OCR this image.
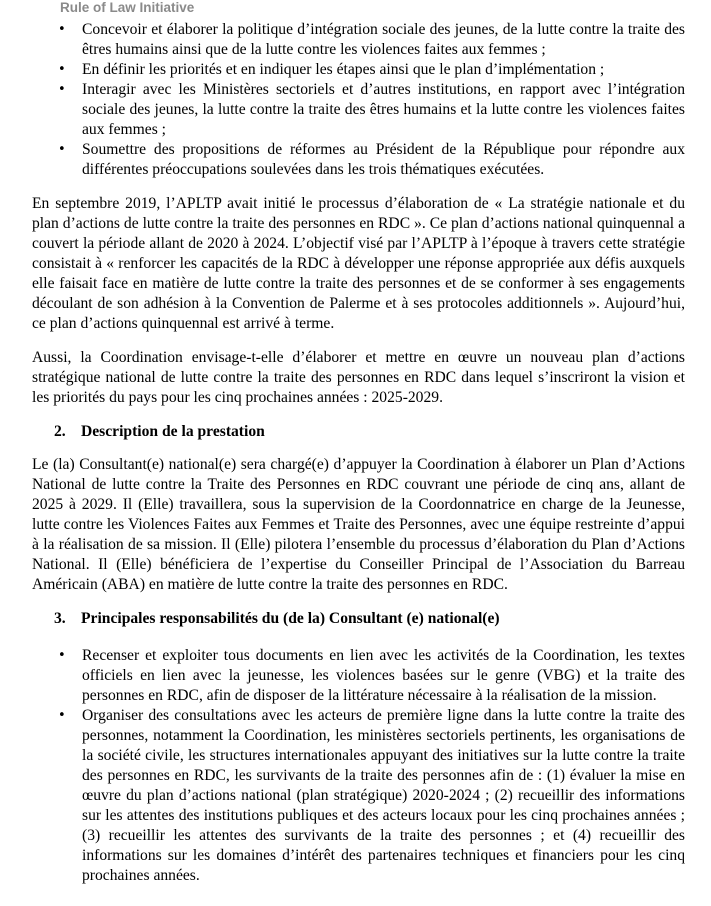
Rule of Law Initiative
• Concevoir et élaborer la politique d’intégration sociale des jeunes, de la lutte contre la traite des êtres humains ainsi que de la lutte contre les violences faites aux femmes ;
• En définir les priorités et en indiquer les étapes ainsi que le plan d’implémentation ;
• Interagir avec les Ministères sectoriels et d’autres institutions, en rapport avec l’intégration sociale des jeunes, la lutte contre la traite des êtres humains et la lutte contre les violences faites aux femmes ;
• Soumettre des propositions de réformes au Président de la République pour répondre aux différentes préoccupations soulevées dans les trois thématiques exécutées.

En septembre 2019, l’APLTP avait initié le processus d’élaboration de « La stratégie nationale et du plan d’actions de lutte contre la traite des personnes en RDC ». Ce plan d’actions national quinquennal a couvert la période allant de 2020 à 2024. L’objectif visé par l’APLTP à l’époque à travers cette stratégie consistait à « renforcer les capacités de la RDC à développer une réponse appropriée aux défis auxquels elle faisait face en matière de lutte contre la traite des personnes et de se conformer à ses engagements découlant de son adhésion à la Convention de Palerme et à ses protocoles additionnels ». Aujourd’hui, ce plan d’actions quinquennal est arrivé à terme.

Aussi, la Coordination envisage-t-elle d’élaborer et mettre en œuvre un nouveau plan d’actions stratégique national de lutte contre la traite des personnes en RDC dans lequel s’inscriront la vision et les priorités du pays pour les cinq prochaines années : 2025-2029.

2. Description de la prestation

Le (la) Consultant(e) national(e) sera chargé(e) d’appuyer la Coordination à élaborer un Plan d’Actions National de lutte contre la Traite des Personnes en RDC couvrant une période de cinq ans, allant de 2025 à 2029. Il (Elle) travaillera, sous la supervision de la Coordonnatrice en charge de la Jeunesse, lutte contre les Violences Faites aux Femmes et Traite des Personnes, avec une équipe restreinte d’appui à la réalisation de sa mission. Il (Elle) pilotera l’ensemble du processus d’élaboration du Plan d’Actions National. Il (Elle) bénéficiera de l’expertise du Conseiller Principal de l’Association du Barreau Américain (ABA) en matière de lutte contre la traite des personnes en RDC.

3. Principales responsabilités du (de la) Consultant (e) national(e)
• Recenser et exploiter tous documents en lien avec les activités de la Coordination, les textes officiels en lien avec la jeunesse, les violences basées sur le genre (VBG) et la traite des personnes en RDC, afin de disposer de la littérature nécessaire à la réalisation de la mission.
• Organiser des consultations avec les acteurs de première ligne dans la lutte contre la traite des personnes, notamment la Coordination, les ministères sectoriels pertinents, les organisations de la société civile, les structures internationales appuyant des initiatives sur la lutte contre la traite des personnes en RDC, les survivants de la traite des personnes afin de : (1) évaluer la mise en œuvre du plan d’actions national (plan stratégique) 2020-2024 ; (2) recueillir des informations sur les attentes des institutions publiques et des acteurs locaux pour les cinq prochaines années ; (3) recueillir les attentes des survivants de la traite des personnes ; et (4) recueillir des informations sur les domaines d’intérêt des partenaires techniques et financiers pour les cinq prochaines années.
